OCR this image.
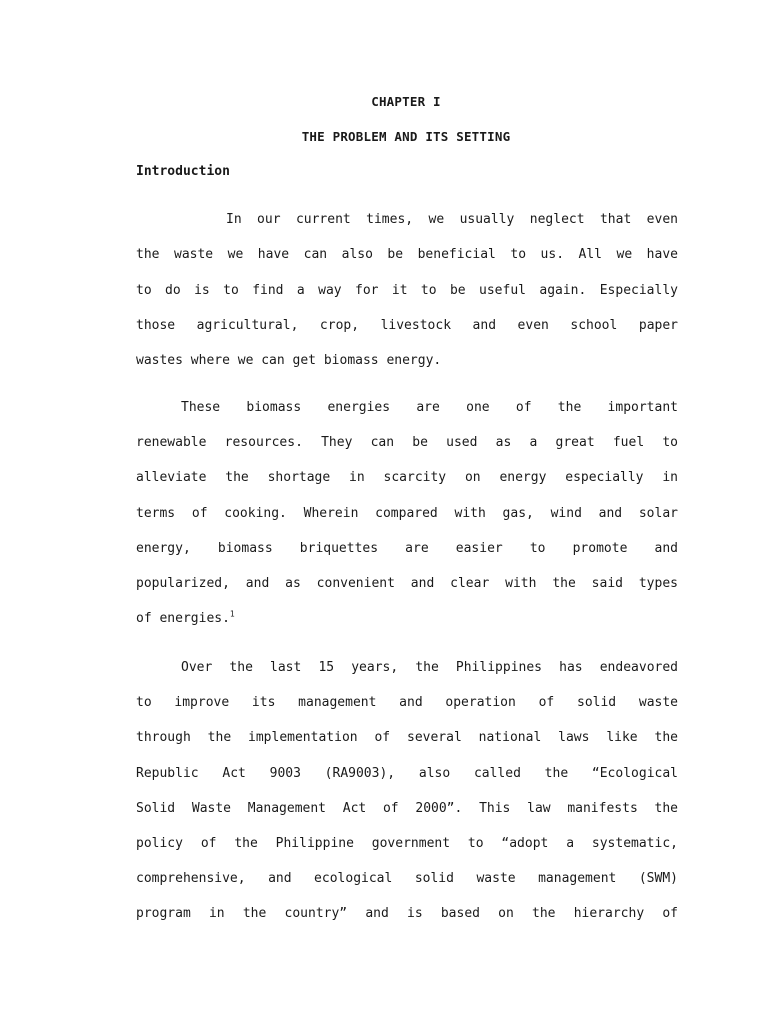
CHAPTER I
THE PROBLEM AND ITS SETTING
Introduction
In our current times, we usually neglect that even
the waste we have can also be beneficial to us. All we have
to do is to find a way for it to be useful again. Especially
those agricultural, crop, livestock and even school paper
wastes where we can get biomass energy.
These biomass energies are one of the important
renewable resources. They can be used as a great fuel to
alleviate the shortage in scarcity on energy especially in
terms of cooking. Wherein compared with gas, wind and solar
energy, biomass briquettes are easier to promote and
popularized, and as convenient and clear with the said types
of energies.$^1$
Over the last 15 years, the Philippines has endeavored
to improve its management and operation of solid waste
through the implementation of several national laws like the
Republic Act 9003 (RA9003), also called the “Ecological
Solid Waste Management Act of 2000”. This law manifests the
policy of the Philippine government to “adopt a systematic,
comprehensive, and ecological solid waste management (SWM)
program in the country” and is based on the hierarchy of
